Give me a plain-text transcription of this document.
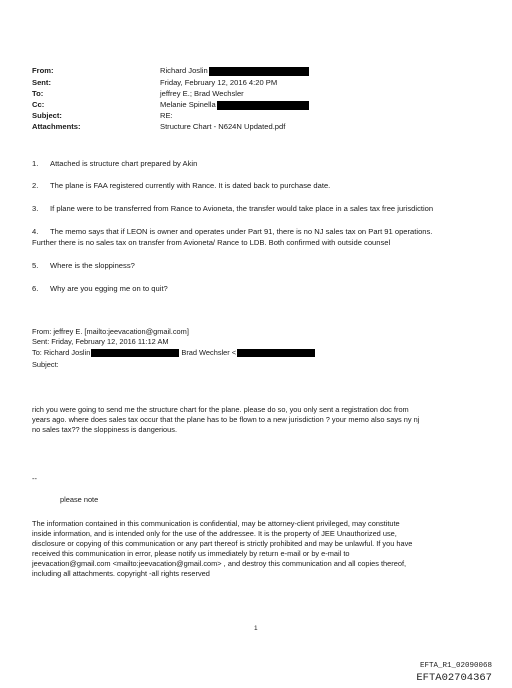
From:	Richard Joslin
Sent:	Friday, February 12, 2016 4:20 PM
To:	jeffrey E.; Brad Wechsler
Cc:	Melanie Spinella
Subject:	RE:
Attachments:	Structure Chart - N624N Updated.pdf
1. Attached is structure chart prepared by Akin
2. The plane is FAA registered currently with Rance. It is dated back to purchase date.
3. If plane were to be transferred from Rance to Avioneta, the transfer would take place in a sales tax free jurisdiction
4. The memo says that if LEON is owner and operates under Part 91, there is no NJ sales tax on Part 91 operations.
Further there is no sales tax on transfer from Avioneta/ Rance to LDB. Both confirmed with outside counsel
5. Where is the sloppiness?
6. Why are you egging me on to quit?
From: jeffrey E. [mailto:jeevacation@gmail.com]
Sent: Friday, February 12, 2016 11:12 AM
To: Richard Joslin	Brad Wechsler <
Subject:
rich you were going to send me the structure chart for the plane. please do so, you only sent a registration doc from
years ago. where does sales tax occur that the plane has to be flown to a new jurisdiction ? your memo also says ny nj
no sales tax?? the sloppiness is dangerious.
--
please note
The information contained in this communication is confidential, may be attorney-client privileged, may constitute
inside information, and is intended only for the use of the addressee. It is the property of JEE Unauthorized use,
disclosure or copying of this communication or any part thereof is strictly prohibited and may be unlawful. If you have
received this communication in error, please notify us immediately by return e-mail or by e-mail to
jeevacation@gmail.com <mailto:jeevacation@gmail.com> , and destroy this communication and all copies thereof,
including all attachments. copyright -all rights reserved
1
EFTA_R1_02090068
EFTA02704367
